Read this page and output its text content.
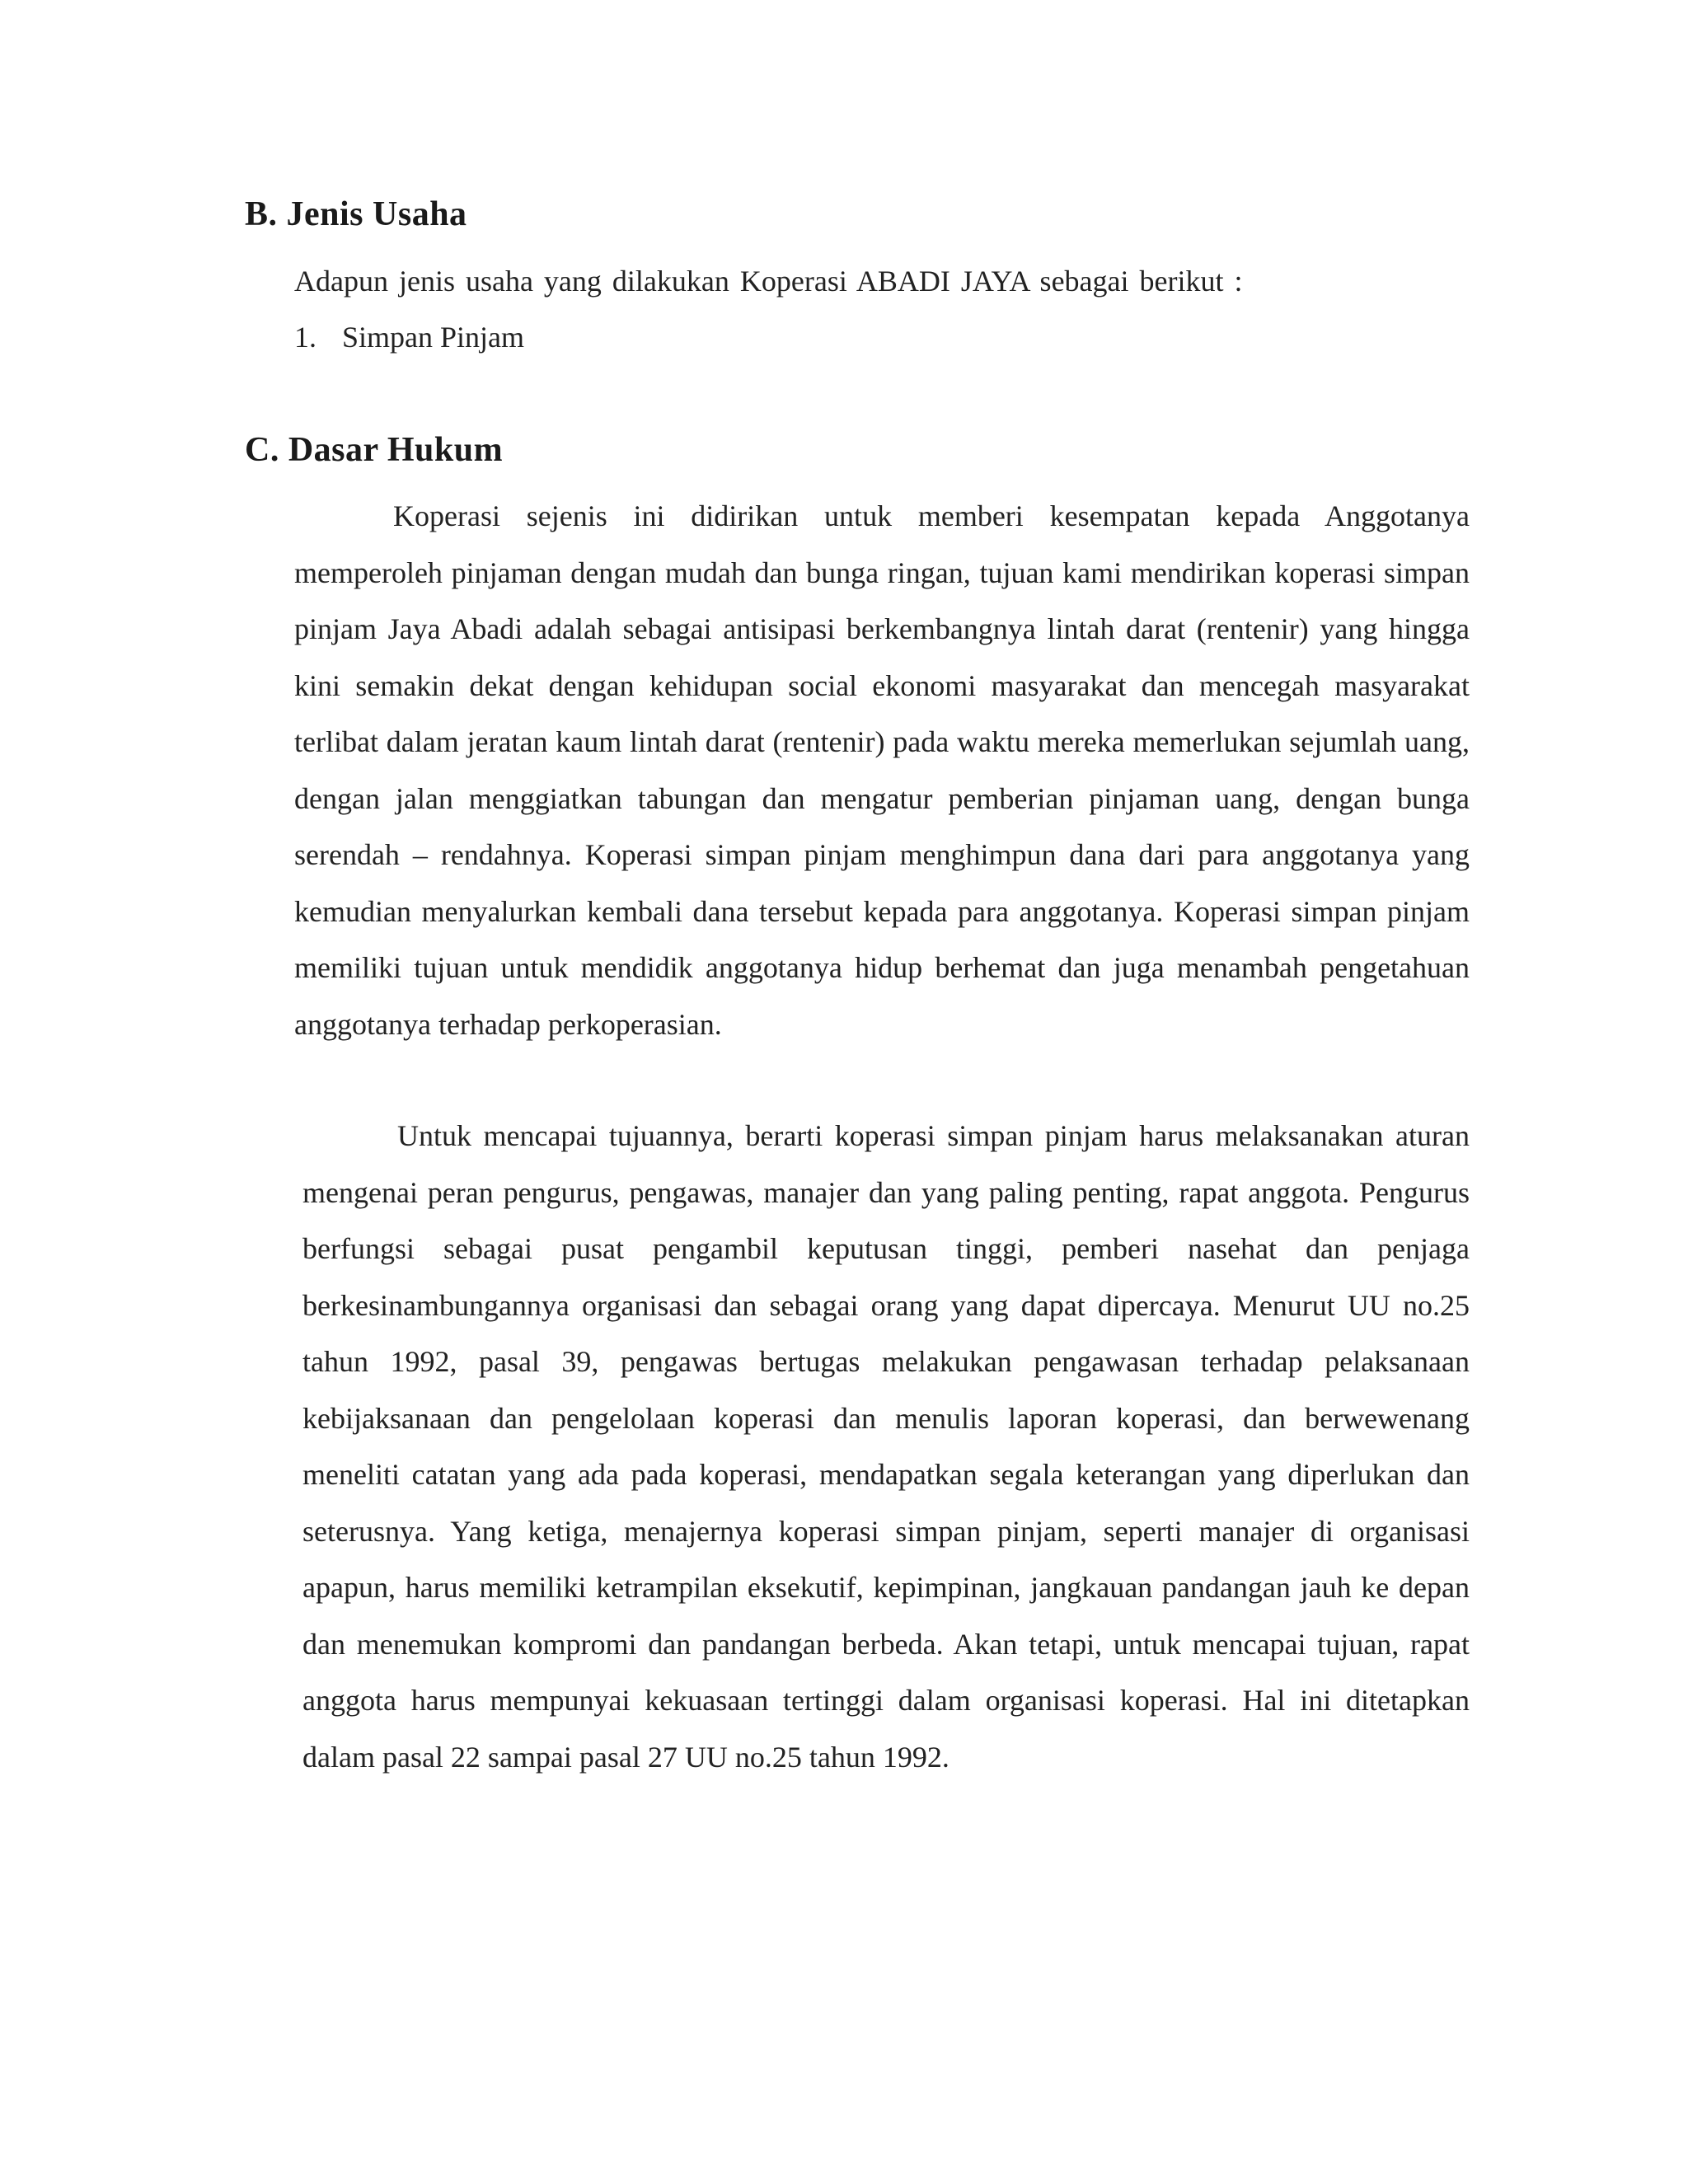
B. Jenis Usaha

Adapun jenis usaha yang dilakukan Koperasi ABADI JAYA sebagai berikut :

1. Simpan Pinjam
C. Dasar Hukum

Koperasi sejenis ini didirikan untuk memberi kesempatan kepada Anggotanya memperoleh pinjaman dengan mudah dan bunga ringan, tujuan kami mendirikan koperasi simpan pinjam Jaya Abadi adalah sebagai antisipasi berkembangnya lintah darat (rentenir) yang hingga kini semakin dekat dengan kehidupan social ekonomi masyarakat dan mencegah masyarakat terlibat dalam jeratan kaum lintah darat (rentenir) pada waktu mereka memerlukan sejumlah uang, dengan jalan menggiatkan tabungan dan mengatur pemberian pinjaman uang, dengan bunga serendah – rendahnya. Koperasi simpan pinjam menghimpun dana dari para anggotanya yang kemudian menyalurkan kembali dana tersebut kepada para anggotanya. Koperasi simpan pinjam memiliki tujuan untuk mendidik anggotanya hidup berhemat dan juga menambah pengetahuan anggotanya terhadap perkoperasian.

Untuk mencapai tujuannya, berarti koperasi simpan pinjam harus melaksanakan aturan mengenai peran pengurus, pengawas, manajer dan yang paling penting, rapat anggota. Pengurus berfungsi sebagai pusat pengambil keputusan tinggi, pemberi nasehat dan penjaga berkesinambungannya organisasi dan sebagai orang yang dapat dipercaya. Menurut UU no.25 tahun 1992, pasal 39, pengawas bertugas melakukan pengawasan terhadap pelaksanaan kebijaksanaan dan pengelolaan koperasi dan menulis laporan koperasi, dan berwewenang meneliti catatan yang ada pada koperasi, mendapatkan segala keterangan yang diperlukan dan seterusnya. Yang ketiga, menajernya koperasi simpan pinjam, seperti manajer di organisasi apapun, harus memiliki ketrampilan eksekutif, kepimpinan, jangkauan pandangan jauh ke depan dan menemukan kompromi dan pandangan berbeda. Akan tetapi, untuk mencapai tujuan, rapat anggota harus mempunyai kekuasaan tertinggi dalam organisasi koperasi. Hal ini ditetapkan dalam pasal 22 sampai pasal 27 UU no.25 tahun 1992.
